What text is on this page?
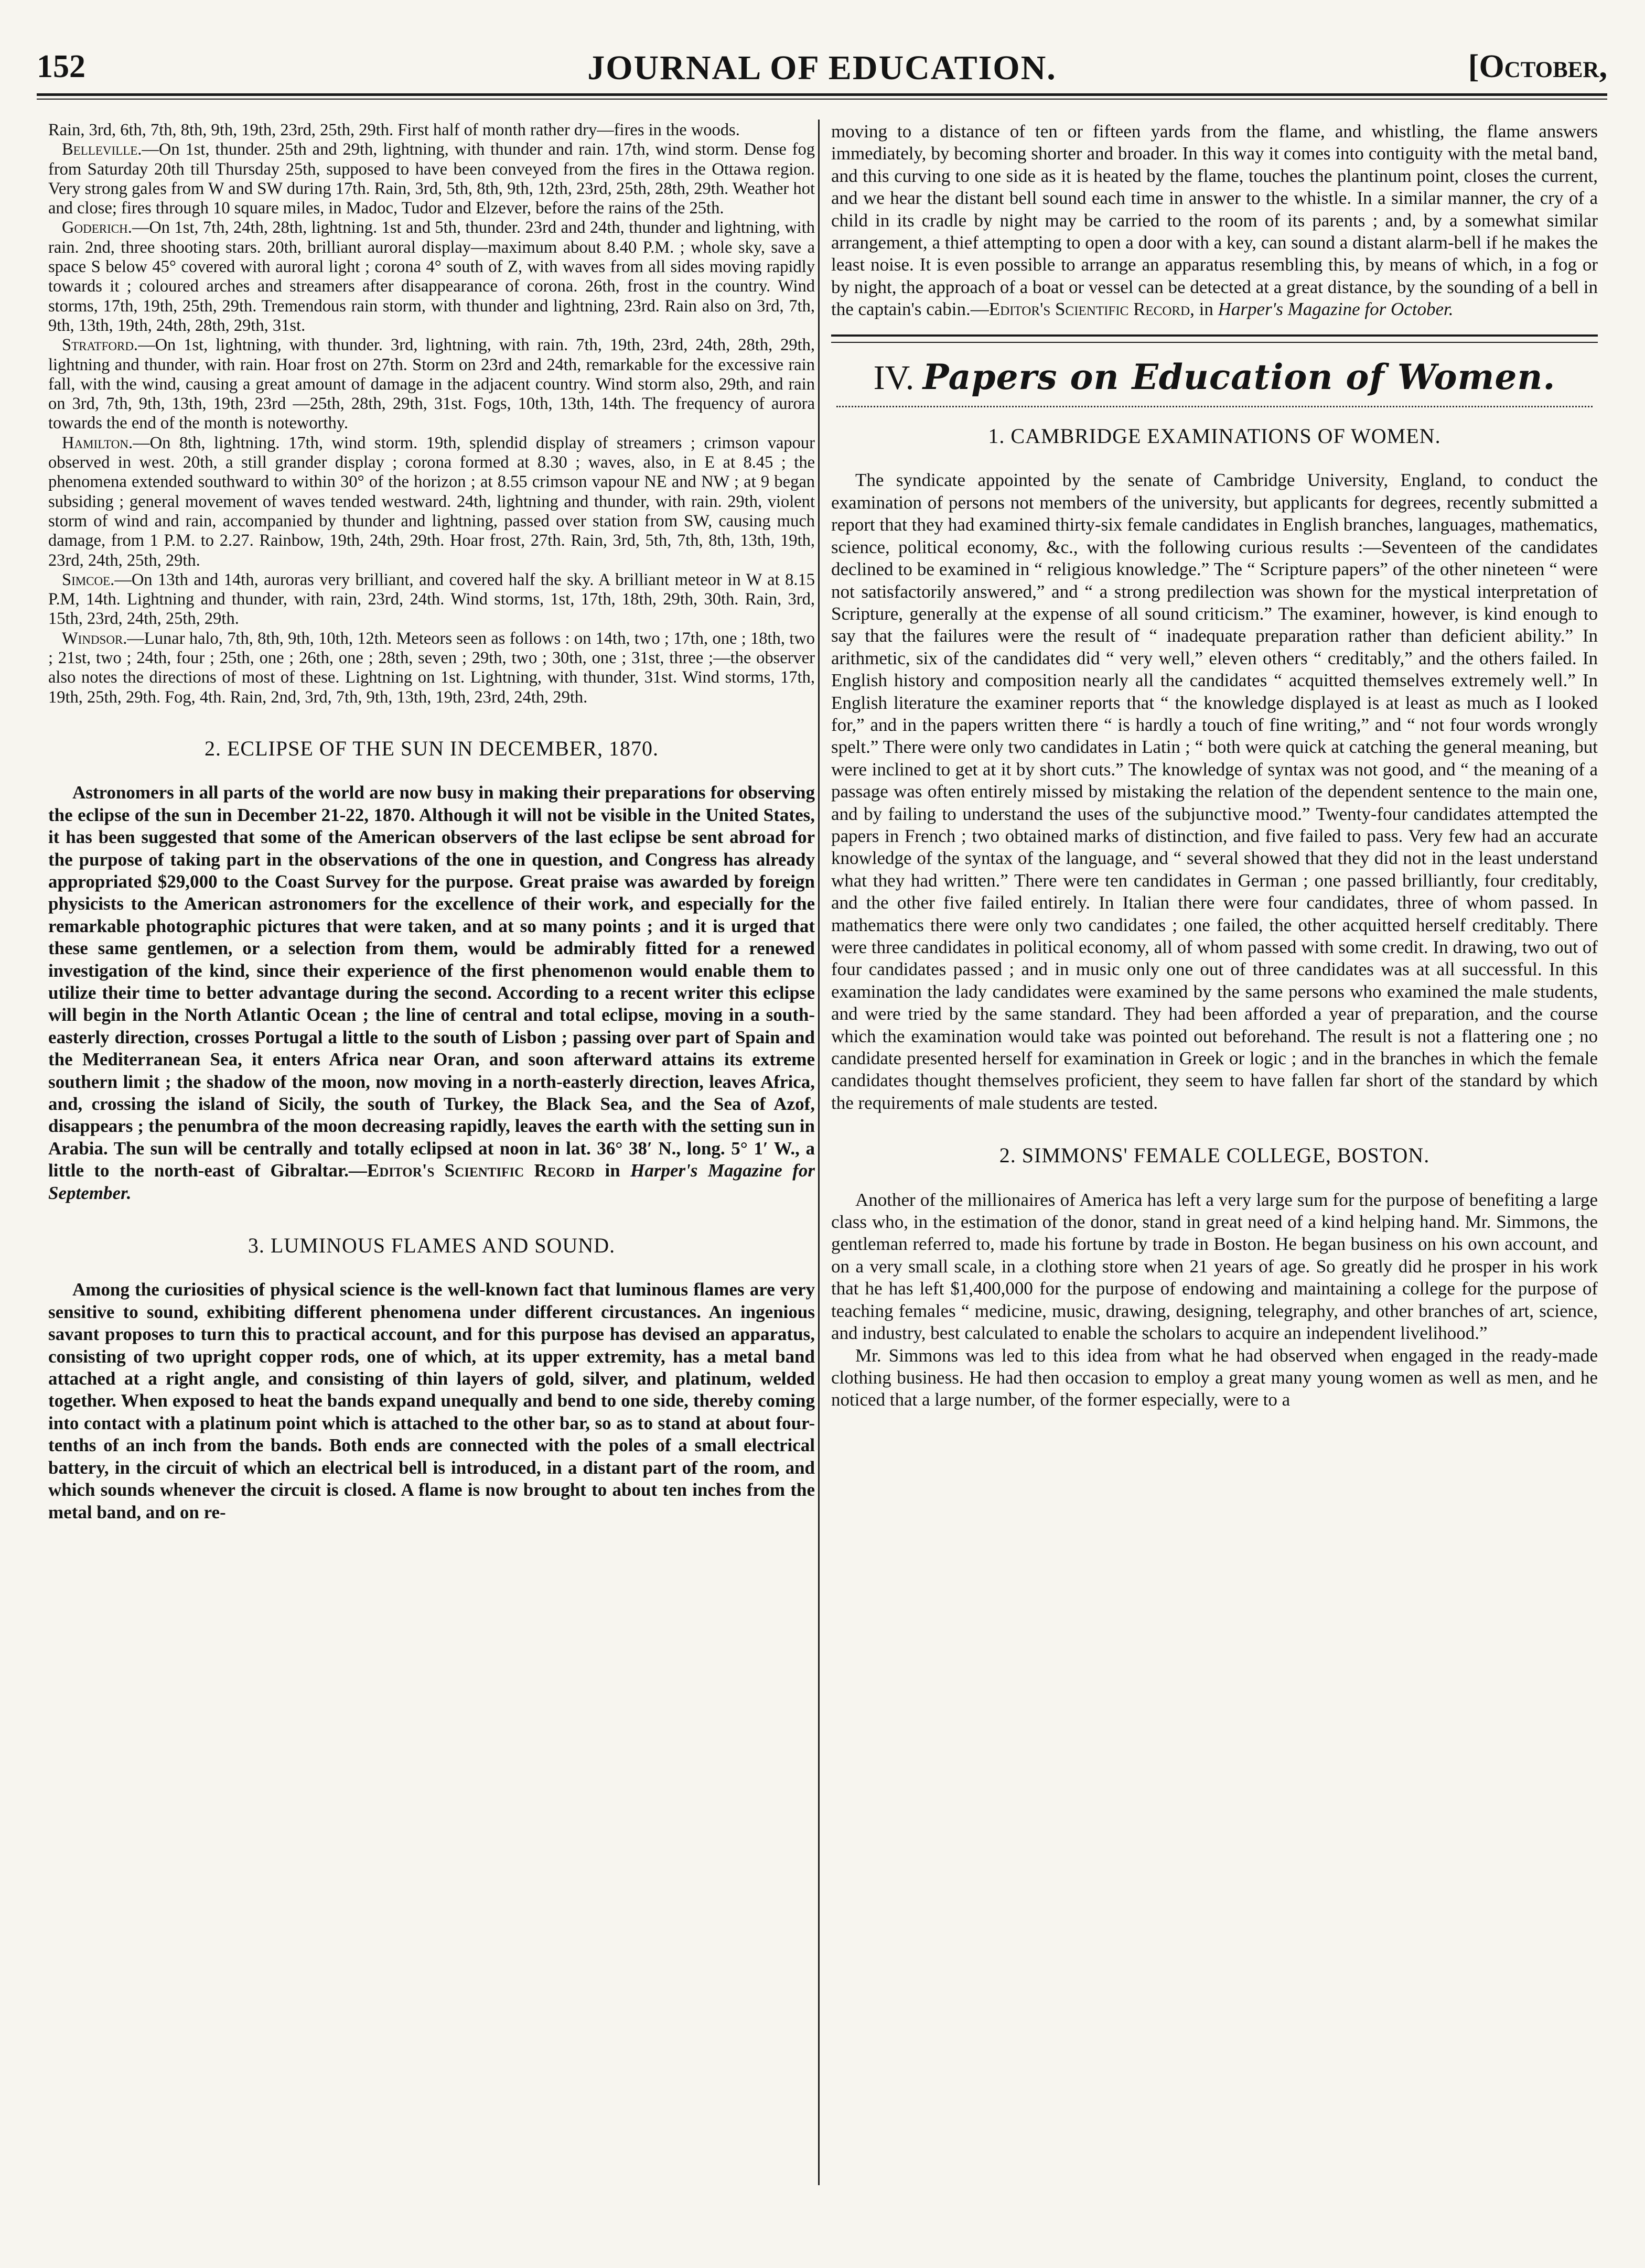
152	JOURNAL OF EDUCATION.	[October,

Rain, 3rd, 6th, 7th, 8th, 9th, 19th, 23rd, 25th, 29th. First half of month rather dry—fires in the woods.

Belleville.—On 1st, thunder. 25th and 29th, lightning, with thunder and rain. 17th, wind storm. Dense fog from Saturday 20th till Thursday 25th, supposed to have been conveyed from the fires in the Ottawa region. Very strong gales from W and SW during 17th. Rain, 3rd, 5th, 8th, 9th, 12th, 23rd, 25th, 28th, 29th. Weather hot and close; fires through 10 square miles, in Madoc, Tudor and Elzever, before the rains of the 25th.

Goderich.—On 1st, 7th, 24th, 28th, lightning. 1st and 5th, thunder. 23rd and 24th, thunder and lightning, with rain. 2nd, three shooting stars. 20th, brilliant auroral display—maximum about 8.40 P.M. ; whole sky, save a space S below 45° covered with auroral light ; corona 4° south of Z, with waves from all sides moving rapidly towards it ; coloured arches and streamers after disappearance of corona. 26th, frost in the country. Wind storms, 17th, 19th, 25th, 29th. Tremendous rain storm, with thunder and lightning, 23rd. Rain also on 3rd, 7th, 9th, 13th, 19th, 24th, 28th, 29th, 31st.

Stratford.—On 1st, lightning, with thunder. 3rd, lightning, with rain. 7th, 19th, 23rd, 24th, 28th, 29th, lightning and thunder, with rain. Hoar frost on 27th. Storm on 23rd and 24th, remarkable for the excessive rain fall, with the wind, causing a great amount of damage in the adjacent country. Wind storm also, 29th, and rain on 3rd, 7th, 9th, 13th, 19th, 23rd —25th, 28th, 29th, 31st. Fogs, 10th, 13th, 14th. The frequency of aurora towards the end of the month is noteworthy.

Hamilton.—On 8th, lightning. 17th, wind storm. 19th, splendid display of streamers ; crimson vapour observed in west. 20th, a still grander display ; corona formed at 8.30 ; waves, also, in E at 8.45 ; the phenomena extended southward to within 30° of the horizon ; at 8.55 crimson vapour NE and NW ; at 9 began subsiding ; general movement of waves tended westward. 24th, lightning and thunder, with rain. 29th, violent storm of wind and rain, accompanied by thunder and lightning, passed over station from SW, causing much damage, from 1 P.M. to 2.27. Rainbow, 19th, 24th, 29th. Hoar frost, 27th. Rain, 3rd, 5th, 7th, 8th, 13th, 19th, 23rd, 24th, 25th, 29th.

Simcoe.—On 13th and 14th, auroras very brilliant, and covered half the sky. A brilliant meteor in W at 8.15 P.M, 14th. Lightning and thunder, with rain, 23rd, 24th. Wind storms, 1st, 17th, 18th, 29th, 30th. Rain, 3rd, 15th, 23rd, 24th, 25th, 29th.

Windsor.—Lunar halo, 7th, 8th, 9th, 10th, 12th. Meteors seen as follows : on 14th, two ; 17th, one ; 18th, two ; 21st, two ; 24th, four ; 25th, one ; 26th, one ; 28th, seven ; 29th, two ; 30th, one ; 31st, three ;—the observer also notes the directions of most of these. Lightning on 1st. Lightning, with thunder, 31st. Wind storms, 17th, 19th, 25th, 29th. Fog, 4th. Rain, 2nd, 3rd, 7th, 9th, 13th, 19th, 23rd, 24th, 29th.

2. ECLIPSE OF THE SUN IN DECEMBER, 1870.

Astronomers in all parts of the world are now busy in making their preparations for observing the eclipse of the sun in December 21-22, 1870. Although it will not be visible in the United States, it has been suggested that some of the American observers of the last eclipse be sent abroad for the purpose of taking part in the observations of the one in question, and Congress has already appropriated $29,000 to the Coast Survey for the purpose. Great praise was awarded by foreign physicists to the American astronomers for the excellence of their work, and especially for the remarkable photographic pictures that were taken, and at so many points ; and it is urged that these same gentlemen, or a selection from them, would be admirably fitted for a renewed investigation of the kind, since their experience of the first phenomenon would enable them to utilize their time to better advantage during the second. According to a recent writer this eclipse will begin in the North Atlantic Ocean ; the line of central and total eclipse, moving in a south-easterly direction, crosses Portugal a little to the south of Lisbon ; passing over part of Spain and the Mediterranean Sea, it enters Africa near Oran, and soon afterward attains its extreme southern limit ; the shadow of the moon, now moving in a north-easterly direction, leaves Africa, and, crossing the island of Sicily, the south of Turkey, the Black Sea, and the Sea of Azof, disappears ; the penumbra of the moon decreasing rapidly, leaves the earth with the setting sun in Arabia. The sun will be centrally and totally eclipsed at noon in lat. 36° 38′ N., long. 5° 1′ W., a little to the north-east of Gibraltar.—Editor's Scientific Record in Harper's Magazine for September.

3. LUMINOUS FLAMES AND SOUND.

Among the curiosities of physical science is the well-known fact that luminous flames are very sensitive to sound, exhibiting different phenomena under different circustances. An ingenious savant proposes to turn this to practical account, and for this purpose has devised an apparatus, consisting of two upright copper rods, one of which, at its upper extremity, has a metal band attached at a right angle, and consisting of thin layers of gold, silver, and platinum, welded together. When exposed to heat the bands expand unequally and bend to one side, thereby coming into contact with a platinum point which is attached to the other bar, so as to stand at about four-tenths of an inch from the bands. Both ends are connected with the poles of a small electrical battery, in the circuit of which an electrical bell is introduced, in a distant part of the room, and which sounds whenever the circuit is closed. A flame is now brought to about ten inches from the metal band, and on re-

moving to a distance of ten or fifteen yards from the flame, and whistling, the flame answers immediately, by becoming shorter and broader. In this way it comes into contiguity with the metal band, and this curving to one side as it is heated by the flame, touches the plantinum point, closes the current, and we hear the distant bell sound each time in answer to the whistle. In a similar manner, the cry of a child in its cradle by night may be carried to the room of its parents ; and, by a somewhat similar arrangement, a thief attempting to open a door with a key, can sound a distant alarm-bell if he makes the least noise. It is even possible to arrange an apparatus resembling this, by means of which, in a fog or by night, the approach of a boat or vessel can be detected at a great distance, by the sounding of a bell in the captain's cabin.—Editor's Scientific Record, in Harper's Magazine for October.

IV. Papers on Education of Women.
1. CAMBRIDGE EXAMINATIONS OF WOMEN.

The syndicate appointed by the senate of Cambridge University, England, to conduct the examination of persons not members of the university, but applicants for degrees, recently submitted a report that they had examined thirty-six female candidates in English branches, languages, mathematics, science, political economy, &c., with the following curious results :—Seventeen of the candidates declined to be examined in “ religious knowledge.” The “ Scripture papers” of the other nineteen “ were not satisfactorily answered,” and “ a strong predilection was shown for the mystical interpretation of Scripture, generally at the expense of all sound criticism.” The examiner, however, is kind enough to say that the failures were the result of “ inadequate preparation rather than deficient ability.” In arithmetic, six of the candidates did “ very well,” eleven others “ creditably,” and the others failed. In English history and composition nearly all the candidates “ acquitted themselves extremely well.” In English literature the examiner reports that “ the knowledge displayed is at least as much as I looked for,” and in the papers written there “ is hardly a touch of fine writing,” and “ not four words wrongly spelt.” There were only two candidates in Latin ; “ both were quick at catching the general meaning, but were inclined to get at it by short cuts.” The knowledge of syntax was not good, and “ the meaning of a passage was often entirely missed by mistaking the relation of the dependent sentence to the main one, and by failing to understand the uses of the subjunctive mood.” Twenty-four candidates attempted the papers in French ; two obtained marks of distinction, and five failed to pass. Very few had an accurate knowledge of the syntax of the language, and “ several showed that they did not in the least understand what they had written.” There were ten candidates in German ; one passed brilliantly, four creditably, and the other five failed entirely. In Italian there were four candidates, three of whom passed. In mathematics there were only two candidates ; one failed, the other acquitted herself creditably. There were three candidates in political economy, all of whom passed with some credit. In drawing, two out of four candidates passed ; and in music only one out of three candidates was at all successful. In this examination the lady candidates were examined by the same persons who examined the male students, and were tried by the same standard. They had been afforded a year of preparation, and the course which the examination would take was pointed out beforehand. The result is not a flattering one ; no candidate presented herself for examination in Greek or logic ; and in the branches in which the female candidates thought themselves proficient, they seem to have fallen far short of the standard by which the requirements of male students are tested.

2. SIMMONS' FEMALE COLLEGE, BOSTON.

Another of the millionaires of America has left a very large sum for the purpose of benefiting a large class who, in the estimation of the donor, stand in great need of a kind helping hand. Mr. Simmons, the gentleman referred to, made his fortune by trade in Boston. He began business on his own account, and on a very small scale, in a clothing store when 21 years of age. So greatly did he prosper in his work that he has left $1,400,000 for the purpose of endowing and maintaining a college for the purpose of teaching females “ medicine, music, drawing, designing, telegraphy, and other branches of art, science, and industry, best calculated to enable the scholars to acquire an independent livelihood.”

Mr. Simmons was led to this idea from what he had observed when engaged in the ready-made clothing business. He had then occasion to employ a great many young women as well as men, and he noticed that a large number, of the former especially, were to a
